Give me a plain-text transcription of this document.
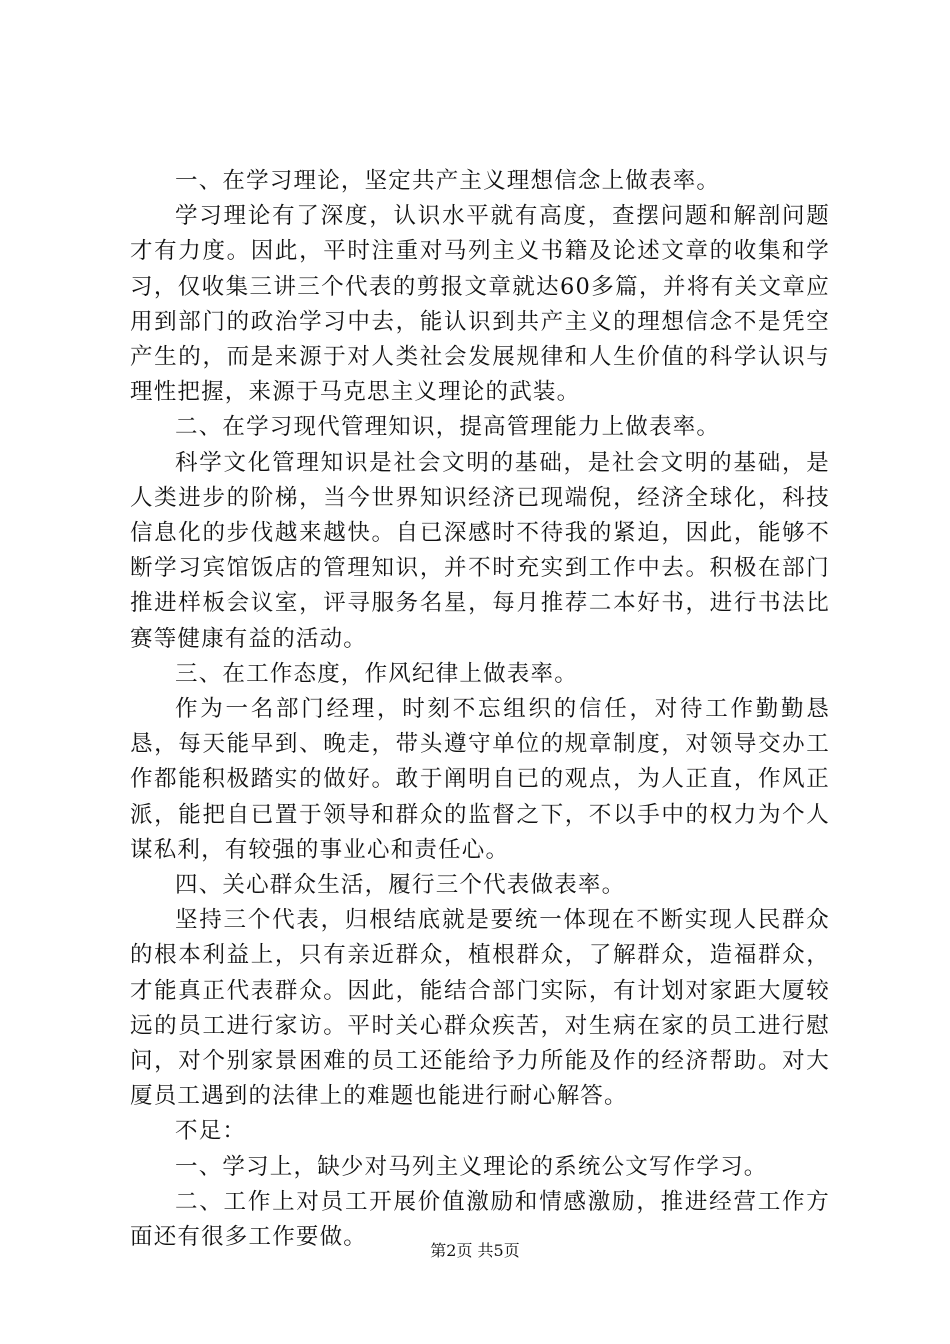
一、在学习理论，坚定共产主义理想信念上做表率。

学习理论有了深度，认识水平就有高度，查摆问题和解剖问题才有力度。因此，平时注重对马列主义书籍及论述文章的收集和学习，仅收集三讲三个代表的剪报文章就达60多篇，并将有关文章应用到部门的政治学习中去，能认识到共产主义的理想信念不是凭空产生的，而是来源于对人类社会发展规律和人生价值的科学认识与理性把握，来源于马克思主义理论的武装。

二、在学习现代管理知识，提高管理能力上做表率。

科学文化管理知识是社会文明的基础，是社会文明的基础，是人类进步的阶梯，当今世界知识经济已现端倪，经济全球化，科技信息化的步伐越来越快。自已深感时不待我的紧迫，因此，能够不断学习宾馆饭店的管理知识，并不时充实到工作中去。积极在部门推进样板会议室，评寻服务名星，每月推荐二本好书，进行书法比赛等健康有益的活动。

三、在工作态度，作风纪律上做表率。

作为一名部门经理，时刻不忘组织的信任，对待工作勤勤恳恳，每天能早到、晚走，带头遵守单位的规章制度，对领导交办工作都能积极踏实的做好。敢于阐明自已的观点，为人正直，作风正派，能把自已置于领导和群众的监督之下，不以手中的权力为个人谋私利，有较强的事业心和责任心。

四、关心群众生活，履行三个代表做表率。

坚持三个代表，归根结底就是要统一体现在不断实现人民群众的根本利益上，只有亲近群众，植根群众，了解群众，造福群众，才能真正代表群众。因此，能结合部门实际，有计划对家距大厦较远的员工进行家访。平时关心群众疾苦，对生病在家的员工进行慰问，对个别家景困难的员工还能给予力所能及作的经济帮助。对大厦员工遇到的法律上的难题也能进行耐心解答。

不足：

一、学习上，缺少对马列主义理论的系统公文写作学习。

二、工作上对员工开展价值激励和情感激励，推进经营工作方面还有很多工作要做。

第2页 共5页
